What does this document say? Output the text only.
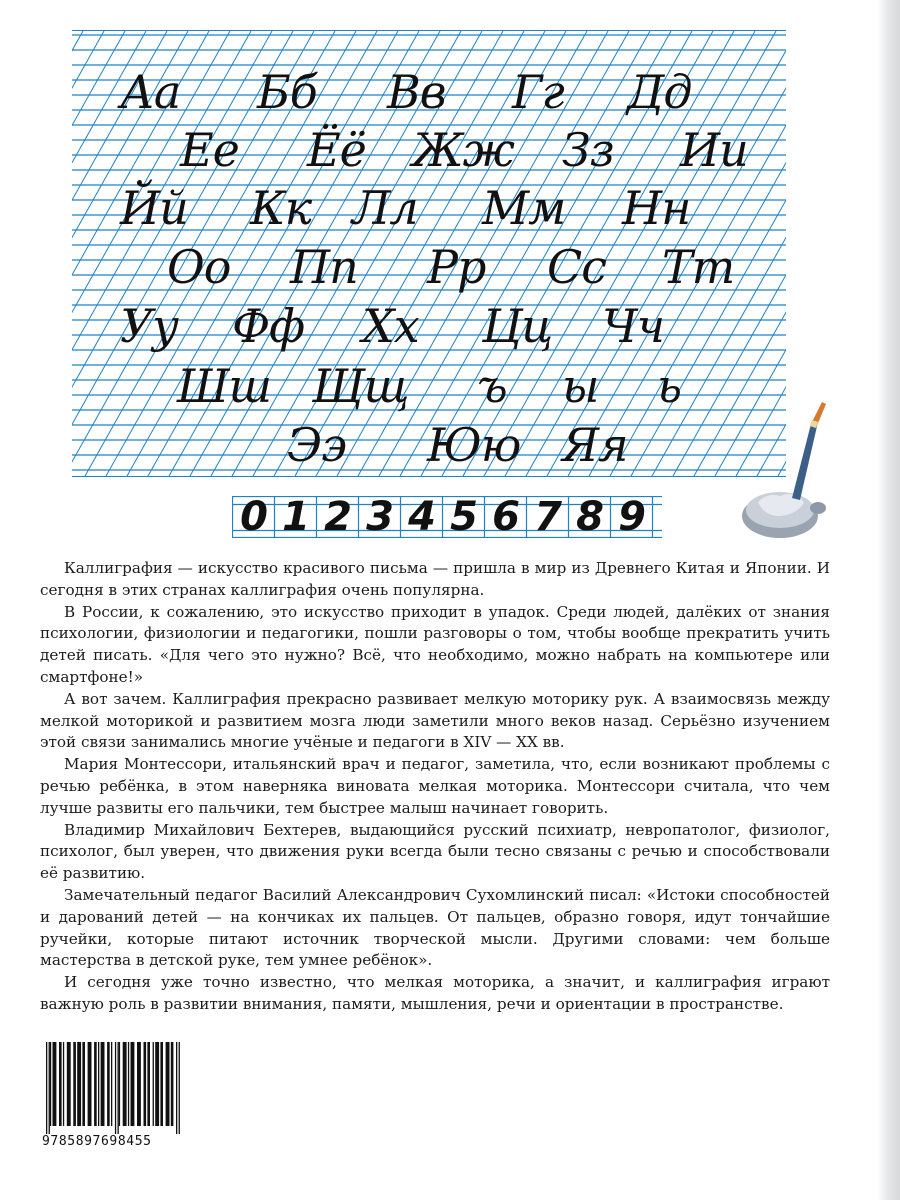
Аа Бб Вв Гг Дд
Ее Ёё Жж Зз Ии
Йй Кк Лл Мм Нн
Оо Пп Рр Сс Тт
Уу Фф Хх Цц Чч
Шш Щщ ъ ы ь
Ээ Юю Яя

Каллиграфия — искусство красивого письма — пришла в мир из Древнего Китая и Японии. И сегодня в этих странах каллиграфия очень популярна.

В России, к сожалению, это искусство приходит в упадок. Среди людей, далёких от знания психологии, физиологии и педагогики, пошли разговоры о том, чтобы вообще прекратить учить детей писать. «Для чего это нужно? Всё, что необходимо, можно набрать на компьютере или смартфоне!»

А вот зачем. Каллиграфия прекрасно развивает мелкую моторику рук. А взаимосвязь между мелкой моторикой и развитием мозга люди заметили много веков назад. Серьёзно изучением этой связи занимались многие учёные и педагоги в XIV — XX вв.

Мария Монтессори, итальянский врач и педагог, заметила, что, если возникают проблемы с речью ребёнка, в этом наверняка виновата мелкая моторика. Монтессори считала, что чем лучше развиты его пальчики, тем быстрее малыш начинает говорить.

Владимир Михайлович Бехтерев, выдающийся русский психиатр, невропатолог, физиолог, психолог, был уверен, что движения руки всегда были тесно связаны с речью и способствовали её развитию.

Замечательный педагог Василий Александрович Сухомлинский писал: «Истоки способностей и дарований детей — на кончиках их пальцев. От пальцев, образно говоря, идут тончайшие ручейки, которые питают источник творческой мысли. Другими словами: чем больше мастерства в детской руке, тем умнее ребёнок».

И сегодня уже точно известно, что мелкая моторика, а значит, и каллиграфия играют важную роль в развитии внимания, памяти, мышления, речи и ориентации в пространстве.

9785897698455
0 1 2 3 4 5 6 7 8 9
